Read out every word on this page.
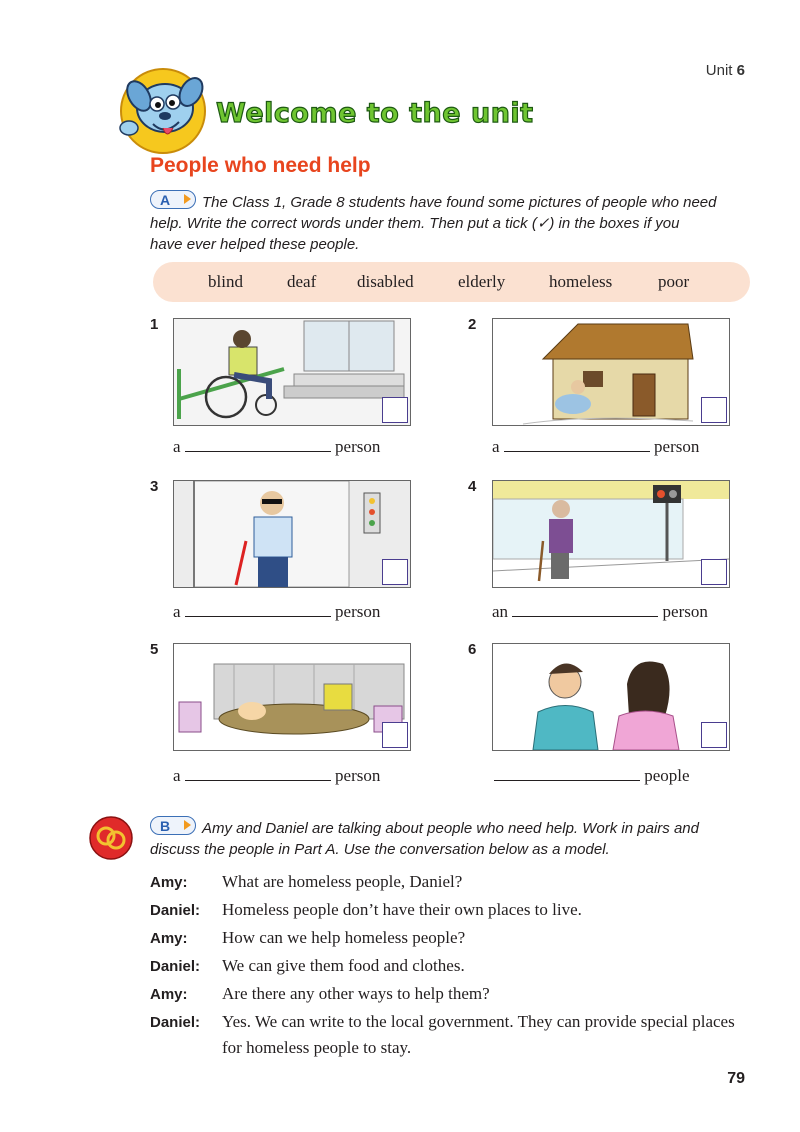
Unit 6
Welcome to the unit
People who need help
A The Class 1, Grade 8 students have found some pictures of people who need
help. Write the correct words under them. Then put a tick (✓) in the boxes if you
have ever helped these people.
blind	deaf disabled	elderly	homeless	poor
1
a	person
2
a	person
3
a	person
4
an	person
5
a	person
6
people
B Amy and Daniel are talking about people who need help. Work in pairs and
discuss the people in Part A. Use the conversation below as a model.
Amy: What are homeless people, Daniel?
Daniel: Homeless people don’t have their own places to live.
Amy: How can we help homeless people?
Daniel: We can give them food and clothes.
Amy: Are there any other ways to help them?
Daniel: Yes. We can write to the local government. They can provide special places for homeless people to stay.
79
